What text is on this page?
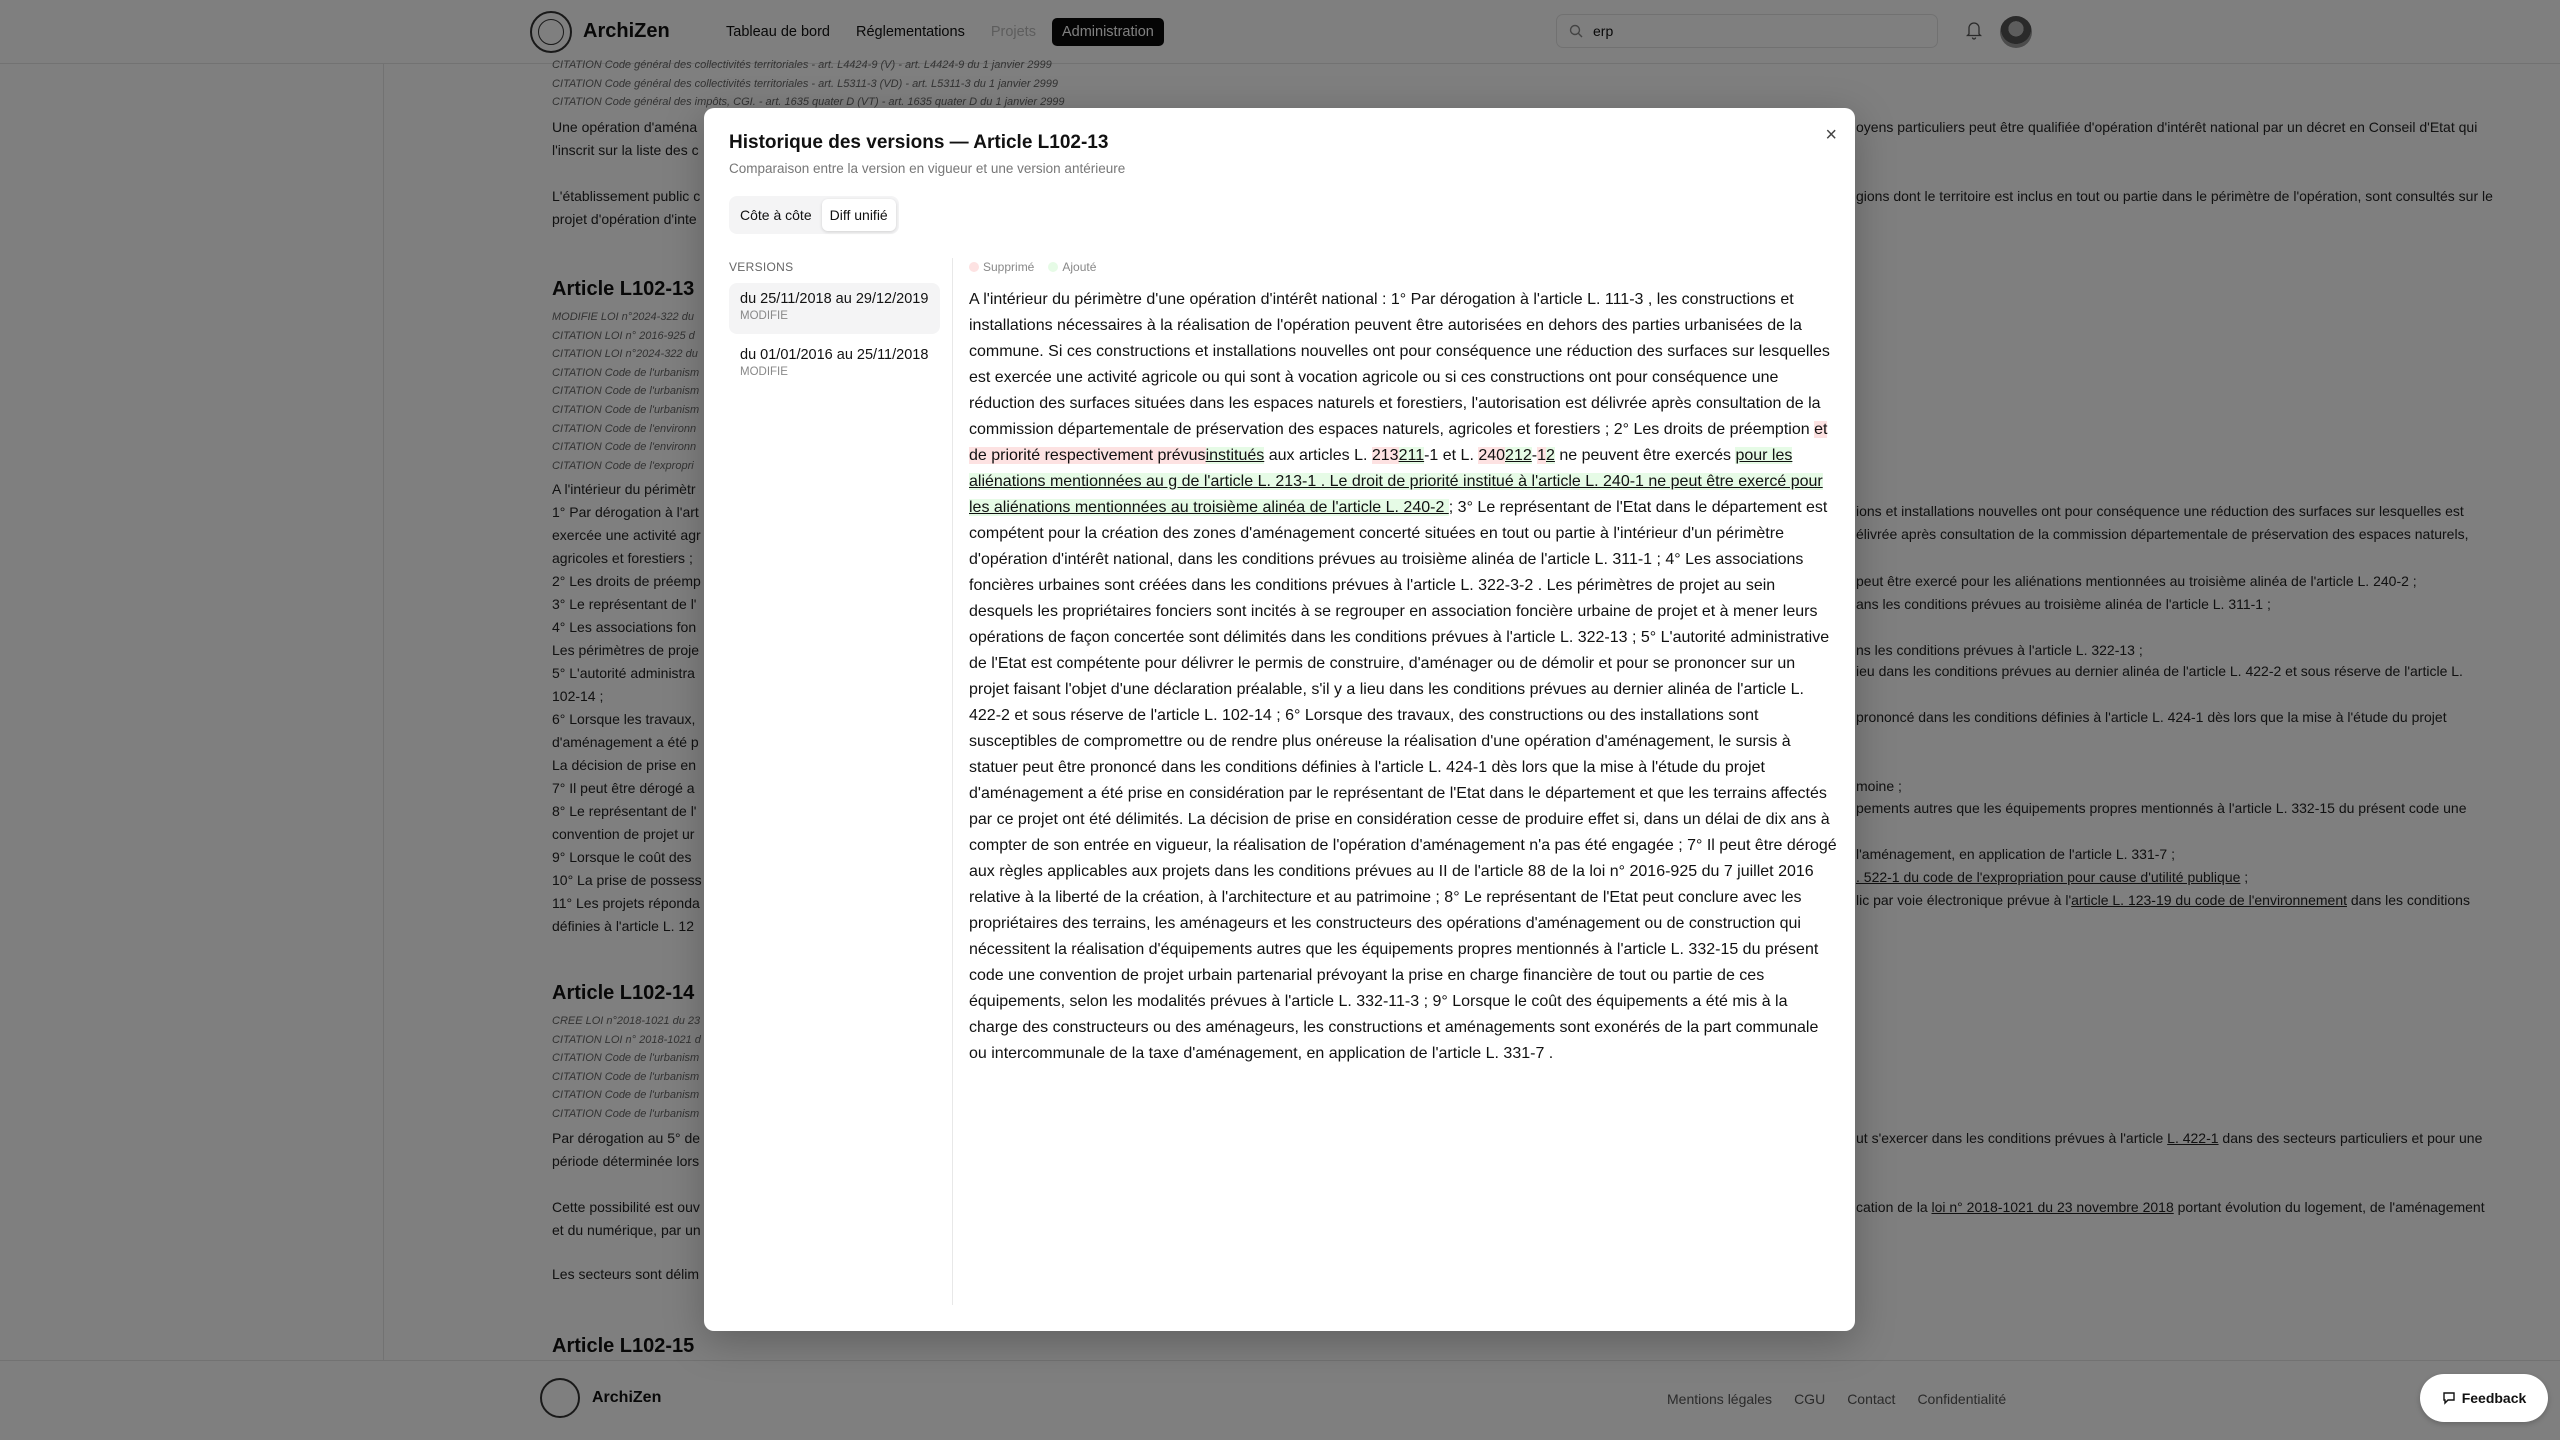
Feedback
×
Historique des versions — Article L102-13
Comparaison entre la version en vigueur et une version antérieure
Côte à côte	Diff unifié
VERSIONS
du 25/11/2018 au 29/12/2019
MODIFIE
du 01/01/2016 au 25/11/2018
MODIFIE
Supprimé	Ajouté
A l'intérieur du périmètre d'une opération d'intérêt national : 1° Par dérogation à l'article L. 111-3 , les constructions et installations nécessaires à la réalisation de l'opération peuvent être autorisées en dehors des parties urbanisées de la commune. Si ces constructions et installations nouvelles ont pour conséquence une réduction des surfaces sur lesquelles est exercée une activité agricole ou qui sont à vocation agricole ou si ces constructions ont pour conséquence une réduction des surfaces situées dans les espaces naturels et forestiers, l'autorisation est délivrée après consultation de la commission départementale de préservation des espaces naturels, agricoles et forestiers ; 2° Les droits de préemption et de priorité respectivement prévusinstitués aux articles L. 213211-1 et L. 240212-12 ne peuvent être exercés pour les aliénations mentionnées au g de l'article L. 213-1 . Le droit de priorité institué à l'article L. 240-1 ne peut être exercé pour les aliénations mentionnées au troisième alinéa de l'article L. 240-2 ; 3° Le représentant de l'Etat dans le département est compétent pour la création des zones d'aménagement concerté situées en tout ou partie à l'intérieur d'un périmètre d'opération d'intérêt national, dans les conditions prévues au troisième alinéa de l'article L. 311-1 ; 4° Les associations foncières urbaines sont créées dans les conditions prévues à l'article L. 322-3-2 . Les périmètres de projet au sein desquels les propriétaires fonciers sont incités à se regrouper en association foncière urbaine de projet et à mener leurs opérations de façon concertée sont délimités dans les conditions prévues à l'article L. 322-13 ; 5° L'autorité administrative de l'Etat est compétente pour délivrer le permis de construire, d'aménager ou de démolir et pour se prononcer sur un projet faisant l'objet d'une déclaration préalable, s'il y a lieu dans les conditions prévues au dernier alinéa de l'article L. 422-2 et sous réserve de l'article L. 102-14 ; 6° Lorsque des travaux, des constructions ou des installations sont susceptibles de compromettre ou de rendre plus onéreuse la réalisation d'une opération d'aménagement, le sursis à statuer peut être prononcé dans les conditions définies à l'article L. 424-1 dès lors que la mise à l'étude du projet d'aménagement a été prise en considération par le représentant de l'Etat dans le département et que les terrains affectés par ce projet ont été délimités. La décision de prise en considération cesse de produire effet si, dans un délai de dix ans à compter de son entrée en vigueur, la réalisation de l'opération d'aménagement n'a pas été engagée ; 7° Il peut être dérogé aux règles applicables aux projets dans les conditions prévues au II de l'article 88 de la loi n° 2016-925 du 7 juillet 2016 relative à la liberté de la création, à l'architecture et au patrimoine ; 8° Le représentant de l'Etat peut conclure avec les propriétaires des terrains, les aménageurs et les constructeurs des opérations d'aménagement ou de construction qui nécessitent la réalisation d'équipements autres que les équipements propres mentionnés à l'article L. 332-15 du présent code une convention de projet urbain partenarial prévoyant la prise en charge financière de tout ou partie de ces équipements, selon les modalités prévues à l'article L. 332-11-3 ; 9° Lorsque le coût des équipements a été mis à la charge des constructeurs ou des aménageurs, les constructions et aménagements sont exonérés de la part communale ou intercommunale de la taxe d'aménagement, en application de l'article L. 331-7 .
